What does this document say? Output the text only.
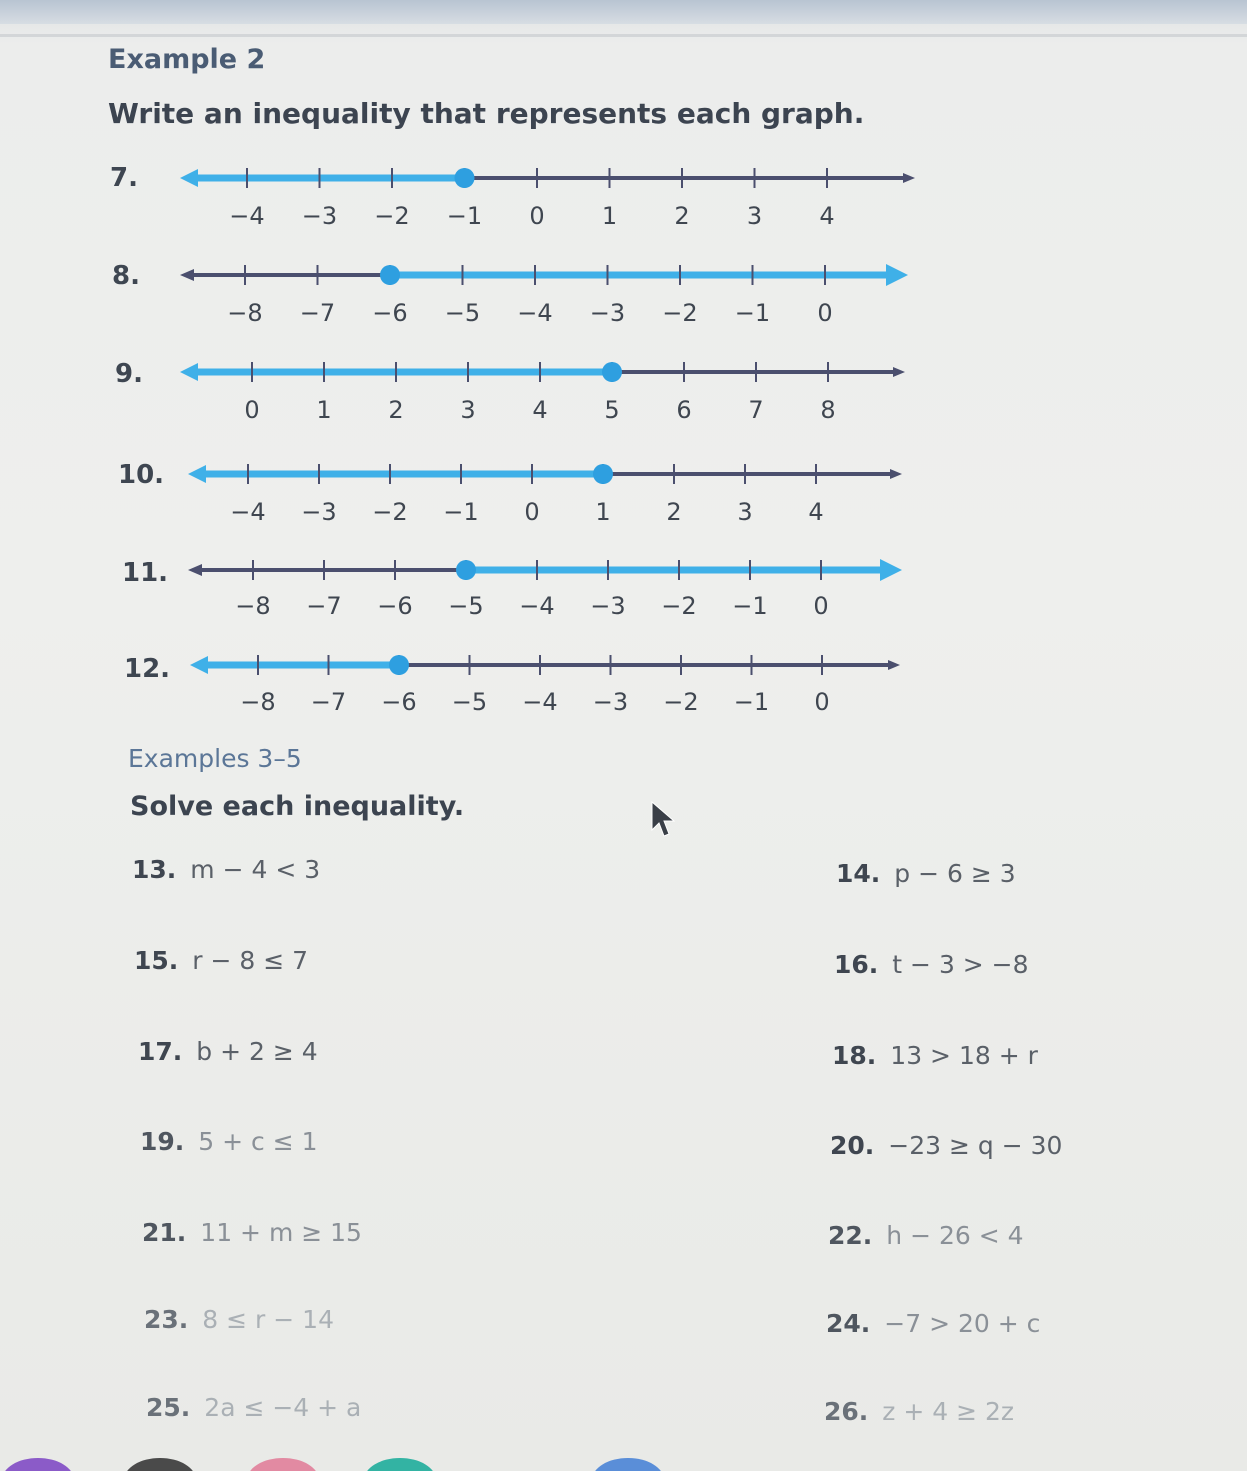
Example 2
Write an inequality that represents each graph.
7.
8.
9.
10.
11.
12.
−4 −3 −2 −1 0 1 2 3 4
−8 −7 −6 −5 −4 −3 −2 −1 0
0 1 2 3 4 5 6 7 8
−4 −3 −2 −1 0 1 2 3 4
−8 −7 −6 −5 −4 −3 −2 −1 0
−8 −7 −6 −5 −4 −3 −2 −1 0
Examples 3–5
Solve each inequality.
13. m − 4 < 3	14. p − 6 ≥ 3
15. r − 8 ≤ 7	16. t − 3 > −8
17. b + 2 ≥ 4	18. 13 > 18 + r
19. 5 + c ≤ 1	20. −23 ≥ q − 30
21. 11 + m ≥ 15	22. h − 26 < 4
23. 8 ≤ r − 14	24. −7 > 20 + c
25. 2a ≤ −4 + a	26. z + 4 ≥ 2z
